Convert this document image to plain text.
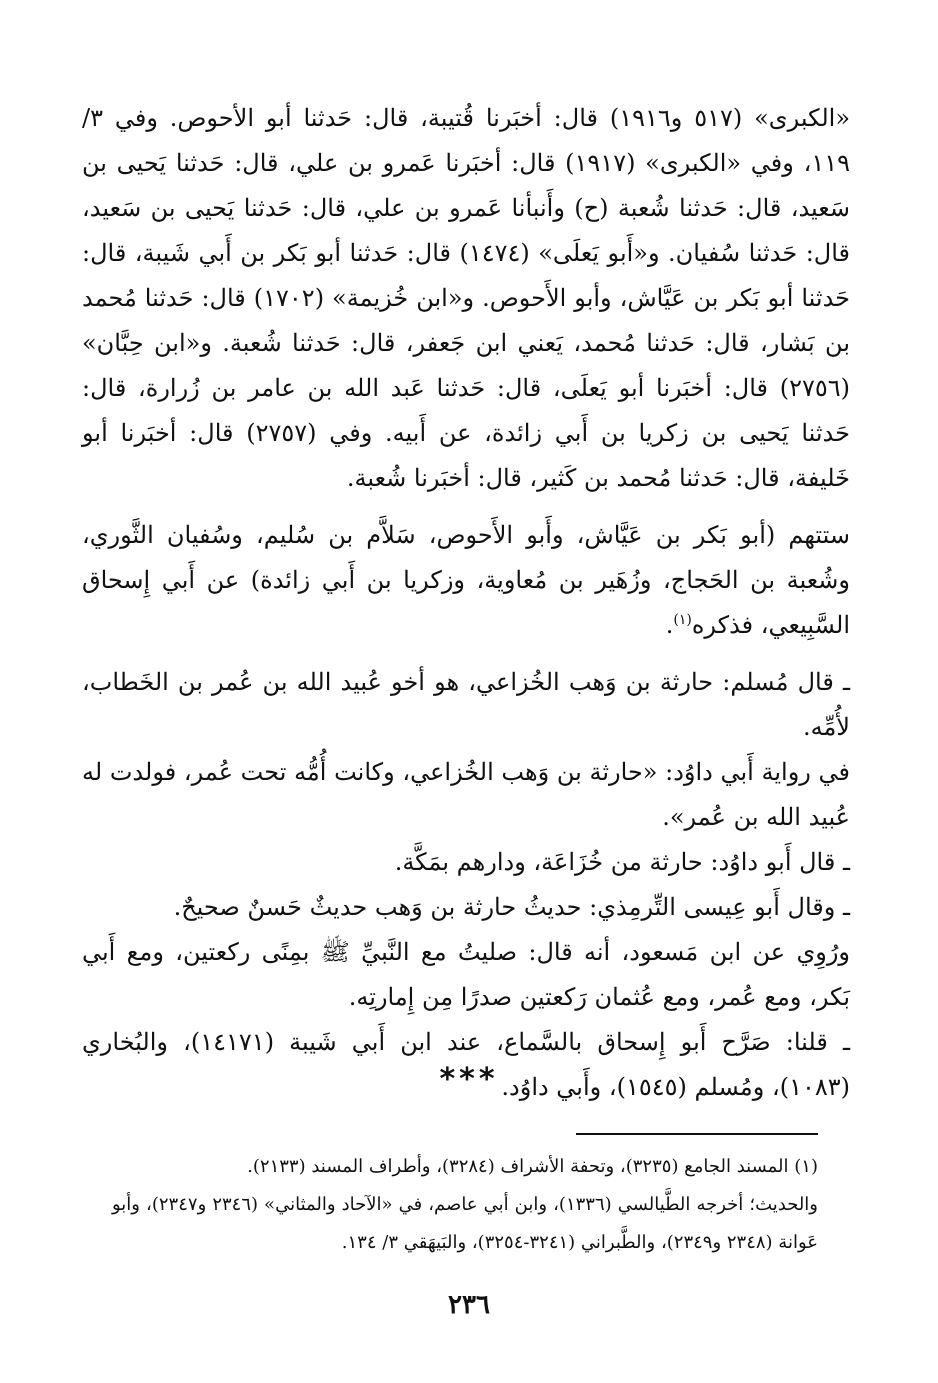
«الكبرى» (٥١٧ و١٩١٦) قال: أخبَرنا قُتيبة، قال: حَدثنا أبو الأحوص. وفي ٣/ ١١٩، وفي «الكبرى» (١٩١٧) قال: أخبَرنا عَمرو بن علي، قال: حَدثنا يَحيى بن سَعيد، قال: حَدثنا شُعبة (ح) وأَنبأنا عَمرو بن علي، قال: حَدثنا يَحيى بن سَعيد، قال: حَدثنا سُفيان. و«أَبو يَعلَى» (١٤٧٤) قال: حَدثنا أبو بَكر بن أَبي شَيبة، قال: حَدثنا أبو بَكر بن عَيَّاش، وأبو الأَحوص. و«ابن خُزيمة» (١٧٠٢) قال: حَدثنا مُحمد بن بَشار، قال: حَدثنا مُحمد، يَعني ابن جَعفر، قال: حَدثنا شُعبة. و«ابن حِبَّان» (٢٧٥٦) قال: أخبَرنا أبو يَعلَى، قال: حَدثنا عَبد الله بن عامر بن زُرارة، قال: حَدثنا يَحيى بن زكريا بن أَبي زائدة، عن أَبيه. وفي (٢٧٥٧) قال: أخبَرنا أبو خَليفة، قال: حَدثنا مُحمد بن كَثير، قال: أخبَرنا شُعبة.

ستتهم (أبو بَكر بن عَيَّاش، وأَبو الأَحوص، سَلاَّم بن سُليم، وسُفيان الثَّوري، وشُعبة بن الحَجاج، وزُهَير بن مُعاوية، وزكريا بن أَبي زائدة) عن أَبي إِسحاق السَّبِيعي، فذكره$^{(١)}$.

ـ قال مُسلم: حارثة بن وَهب الخُزاعي، هو أخو عُبيد الله بن عُمر بن الخَطاب، لأُمِّه.

في رواية أَبي داوُد: «حارثة بن وَهب الخُزاعي، وكانت أُمُّه تحت عُمر، فولدت له عُبيد الله بن عُمر».

ـ قال أَبو داوُد: حارثة من خُزَاعَة، ودارهم بمَكَّة.

ـ وقال أَبو عِيسى التِّرمِذي: حديثُ حارثة بن وَهب حديثٌ حَسنٌ صحيحٌ.

ورُوِي عن ابن مَسعود، أنه قال: صليتُ مع النَّبيِّ ﷺ بمِنًى ركعتين، ومع أَبي بَكر، ومع عُمر، ومع عُثمان رَكعتين صدرًا مِن إِمارتِه.

ـ قلنا: صَرَّح أَبو إِسحاق بالسَّماع، عند ابن أَبي شَيبة (١٤١٧١)، والبُخاري (١٠٨٣)، ومُسلم (١٥٤٥)، وأَبي داوُد.

***

(١) المسند الجامع (٣٢٣٥)، وتحفة الأشراف (٣٢٨٤)، وأطراف المسند (٢١٣٣).

والحديث؛ أخرجه الطَّيالسي (١٣٣٦)، وابن أبي عاصم، في «الآحاد والمثاني» (٢٣٤٦ و٢٣٤٧)، وأبو عَوانة (٢٣٤٨ و٢٣٤٩)، والطَّبراني (٣٢٤١-٣٢٥٤)، والبَيهَقي ٣/ ١٣٤.

٢٣٦
